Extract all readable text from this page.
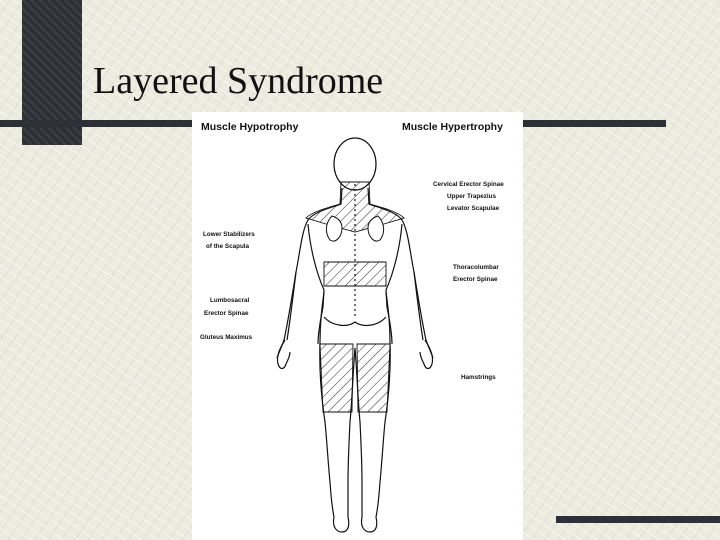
Layered Syndrome
Muscle Hypotrophy	Muscle Hypertrophy
Lower Stabilizers
of the Scapula
Lumbosacral
Erector Spinae
Gluteus Maximus
Cervical Erector Spinae
Upper Trapezius
Levator Scapulae
Thoracolumbar
Erector Spinae
Hamstrings
